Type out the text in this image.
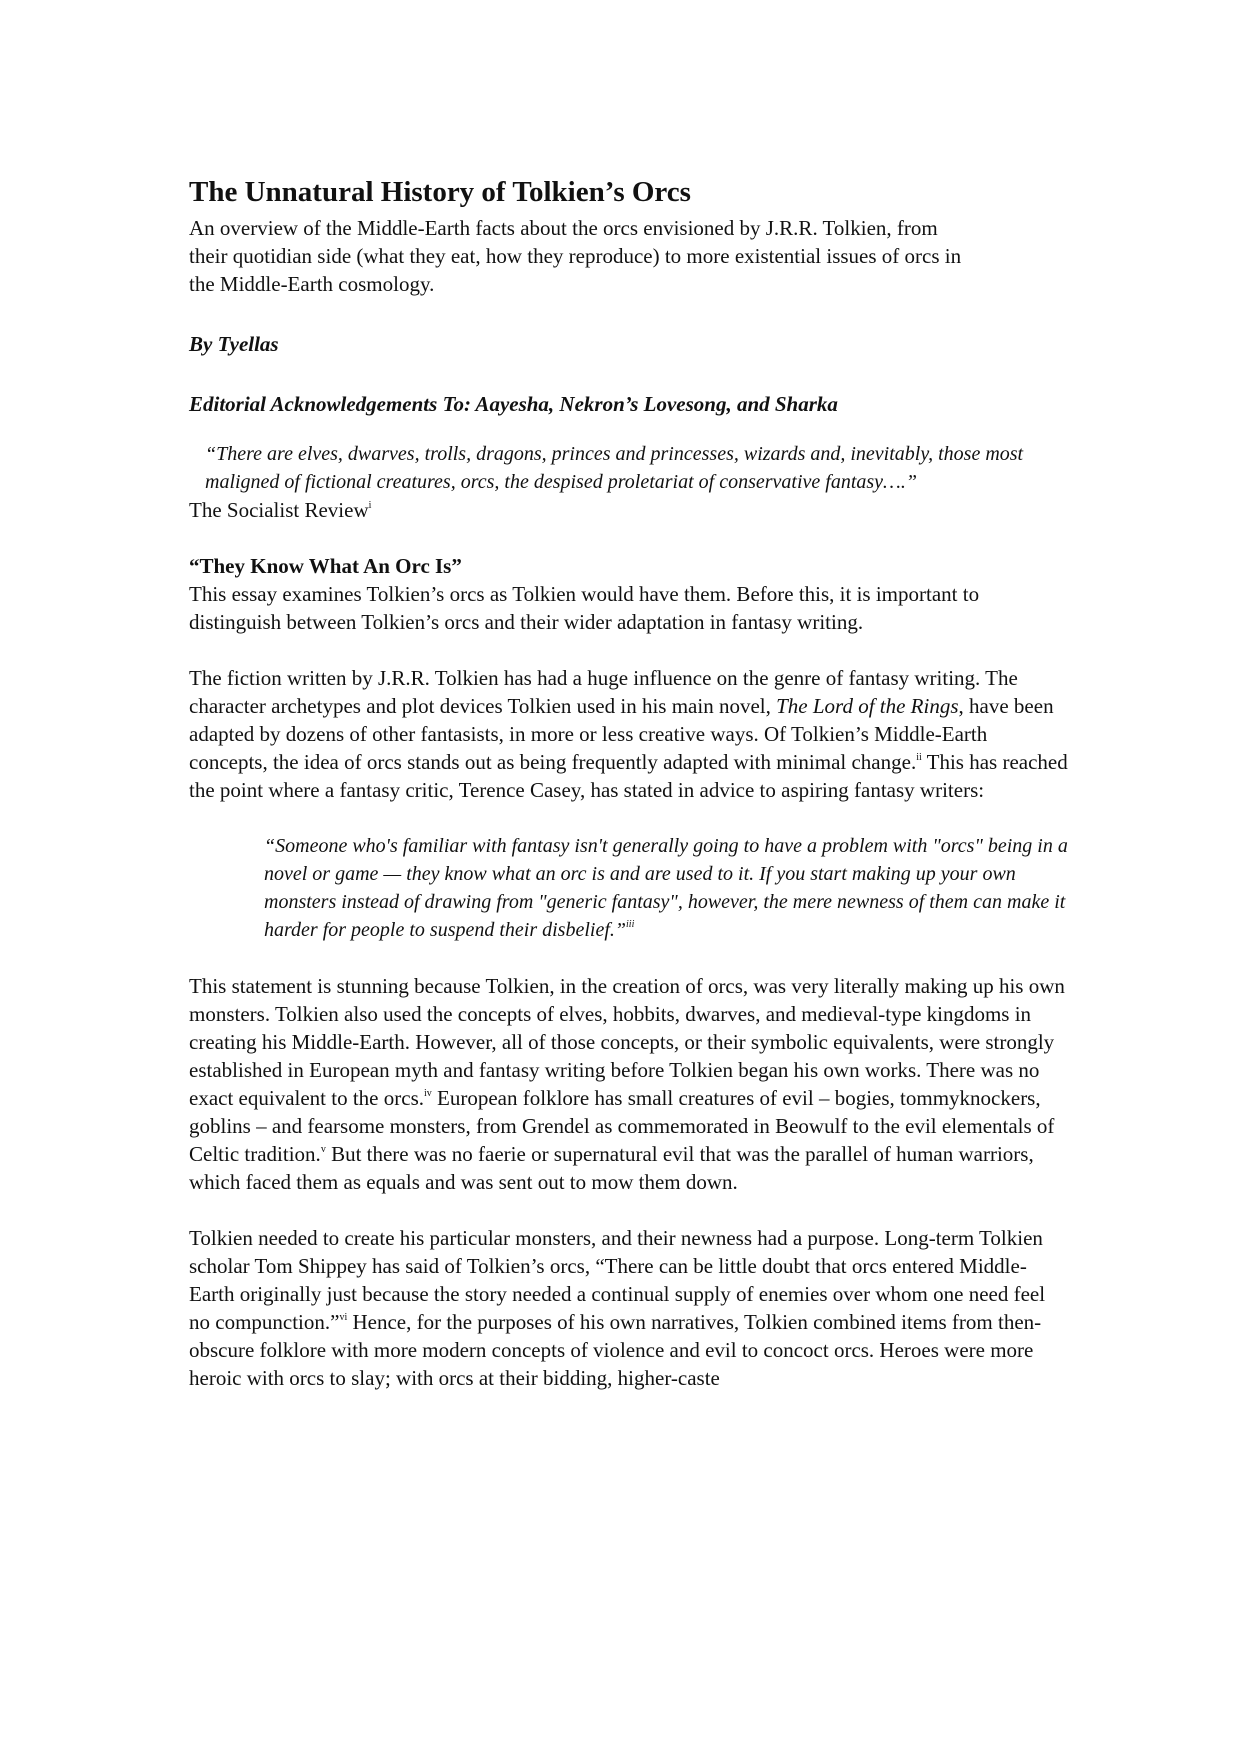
The Unnatural History of Tolkien’s Orcs

An overview of the Middle-Earth facts about the orcs envisioned by J.R.R. Tolkien, from their quotidian side (what they eat, how they reproduce) to more existential issues of orcs in the Middle-Earth cosmology.

By Tyellas

Editorial Acknowledgements To: Aayesha, Nekron’s Lovesong, and Sharka

“There are elves, dwarves, trolls, dragons, princes and princesses, wizards and, inevitably, those most maligned of fictional creatures, orcs, the despised proletariat of conservative fantasy….”
The Socialist Review$^i$

“They Know What An Orc Is”

This essay examines Tolkien’s orcs as Tolkien would have them. Before this, it is important to distinguish between Tolkien’s orcs and their wider adaptation in fantasy writing.

The fiction written by J.R.R. Tolkien has had a huge influence on the genre of fantasy writing. The character archetypes and plot devices Tolkien used in his main novel, The Lord of the Rings, have been adapted by dozens of other fantasists, in more or less creative ways. Of Tolkien’s Middle-Earth concepts, the idea of orcs stands out as being frequently adapted with minimal change.$^{ii}$ This has reached the point where a fantasy critic, Terence Casey, has stated in advice to aspiring fantasy writers:

“Someone who's familiar with fantasy isn't generally going to have a problem with "orcs" being in a novel or game — they know what an orc is and are used to it. If you start making up your own monsters instead of drawing from "generic fantasy", however, the mere newness of them can make it harder for people to suspend their disbelief.”$^{iii}$

This statement is stunning because Tolkien, in the creation of orcs, was very literally making up his own monsters. Tolkien also used the concepts of elves, hobbits, dwarves, and medieval-type kingdoms in creating his Middle-Earth. However, all of those concepts, or their symbolic equivalents, were strongly established in European myth and fantasy writing before Tolkien began his own works. There was no exact equivalent to the orcs.$^{iv}$ European folklore has small creatures of evil – bogies, tommyknockers, goblins – and fearsome monsters, from Grendel as commemorated in Beowulf to the evil elementals of Celtic tradition.$^v$ But there was no faerie or supernatural evil that was the parallel of human warriors, which faced them as equals and was sent out to mow them down.

Tolkien needed to create his particular monsters, and their newness had a purpose. Long-term Tolkien scholar Tom Shippey has said of Tolkien’s orcs, “There can be little doubt that orcs entered Middle-Earth originally just because the story needed a continual supply of enemies over whom one need feel no compunction.”$^{vi}$ Hence, for the purposes of his own narratives, Tolkien combined items from then-obscure folklore with more modern concepts of violence and evil to concoct orcs. Heroes were more heroic with orcs to slay; with orcs at their bidding, higher-caste
